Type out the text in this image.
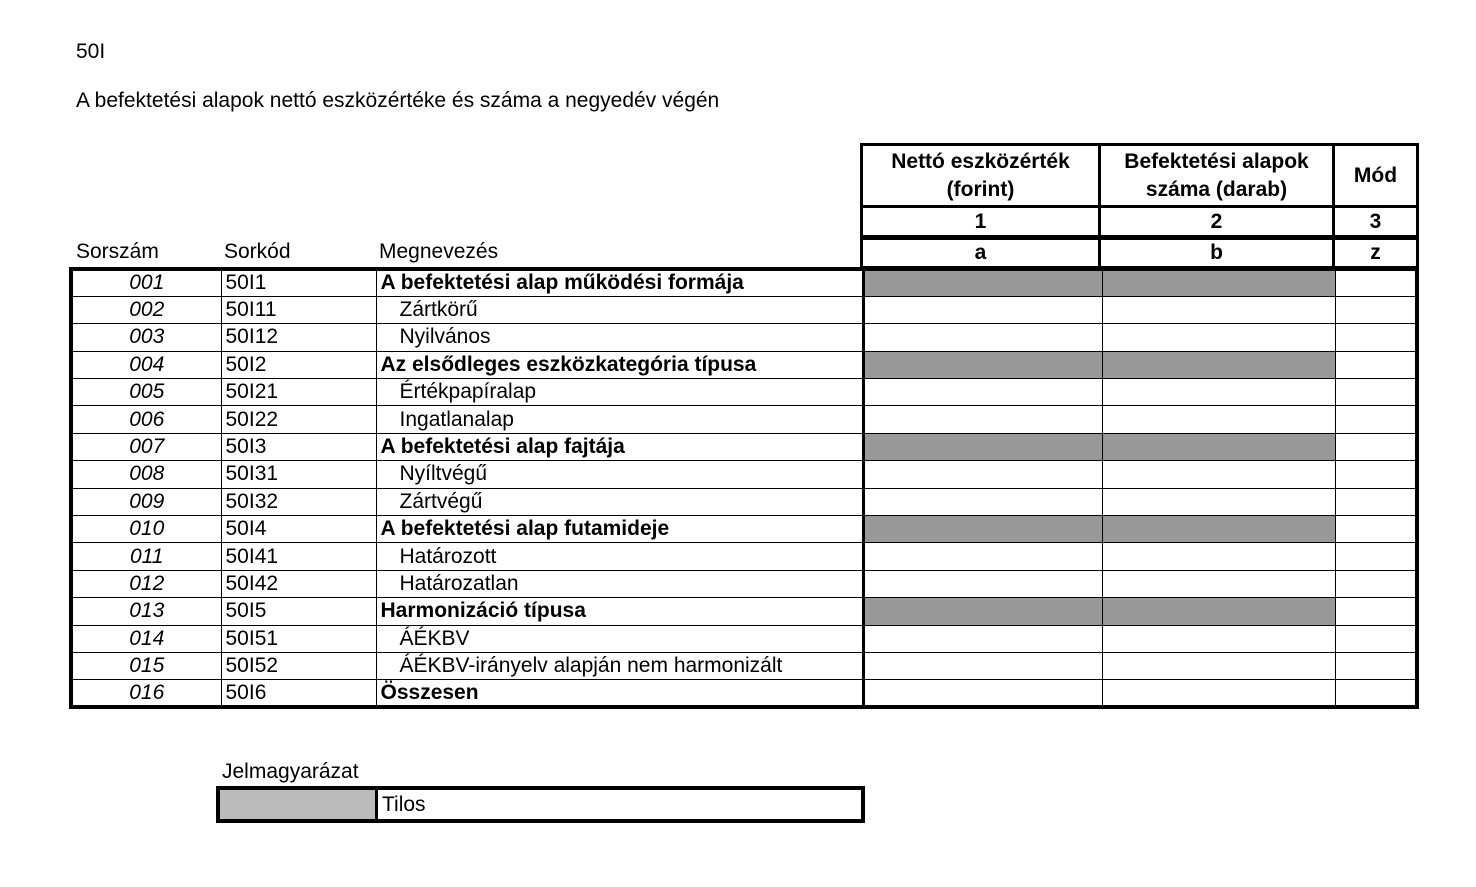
50I
A befektetési alapok nettó eszközértéke és száma a negyedév végén
Sorszám	Sorkód	Megnevezés
Nettó eszközérték (forint)
Befektetési alapok száma (darab)
Mód
1	2	3
a	b	z
001	50I1	A befektetési alap működési formája			
002	50I11	Zártkörű			
003	50I12	Nyilvános			
004	50I2	Az elsődleges eszközkategória típusa			
005	50I21	Értékpapíralap			
006	50I22	Ingatlanalap			
007	50I3	A befektetési alap fajtája			
008	50I31	Nyíltvégű			
009	50I32	Zártvégű			
010	50I4	A befektetési alap futamideje			
011	50I41	Határozott			
012	50I42	Határozatlan			
013	50I5	Harmonizáció típusa			
014	50I51	ÁÉKBV			
015	50I52	ÁÉKBV-irányelv alapján nem harmonizált			
016	50I6	Összesen			
Jelmagyarázat
Tilos
